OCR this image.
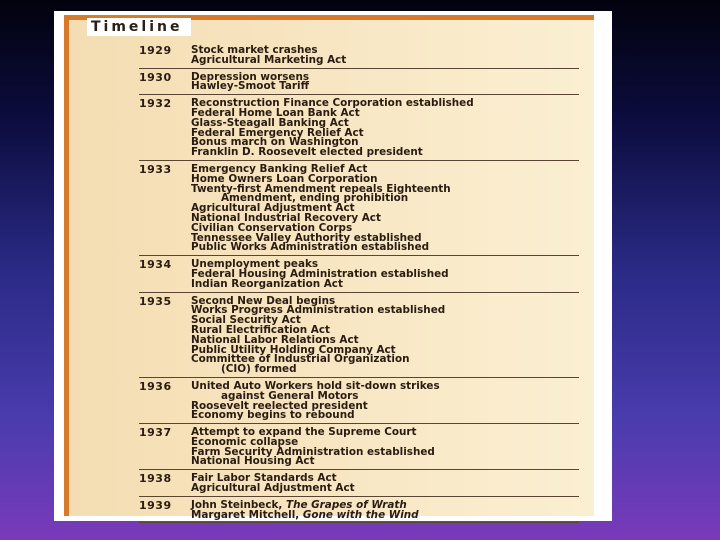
Timeline
1929	Stock market crashes
Agricultural Marketing Act
1930	Depression worsens
Hawley-Smoot Tariff
1932	Reconstruction Finance Corporation established
Federal Home Loan Bank Act
Glass-Steagall Banking Act
Federal Emergency Relief Act
Bonus march on Washington
Franklin D. Roosevelt elected president
1933	Emergency Banking Relief Act
Home Owners Loan Corporation
Twenty-first Amendment repeals Eighteenth
Amendment, ending prohibition
Agricultural Adjustment Act
National Industrial Recovery Act
Civilian Conservation Corps
Tennessee Valley Authority established
Public Works Administration established
1934	Unemployment peaks
Federal Housing Administration established
Indian Reorganization Act
1935	Second New Deal begins
Works Progress Administration established
Social Security Act
Rural Electrification Act
National Labor Relations Act
Public Utility Holding Company Act
Committee of Industrial Organization
(CIO) formed
1936	United Auto Workers hold sit-down strikes
against General Motors
Roosevelt reelected president
Economy begins to rebound
1937	Attempt to expand the Supreme Court
Economic collapse
Farm Security Administration established
National Housing Act
1938	Fair Labor Standards Act
Agricultural Adjustment Act
1939	John Steinbeck, The Grapes of Wrath
Margaret Mitchell, Gone with the Wind
